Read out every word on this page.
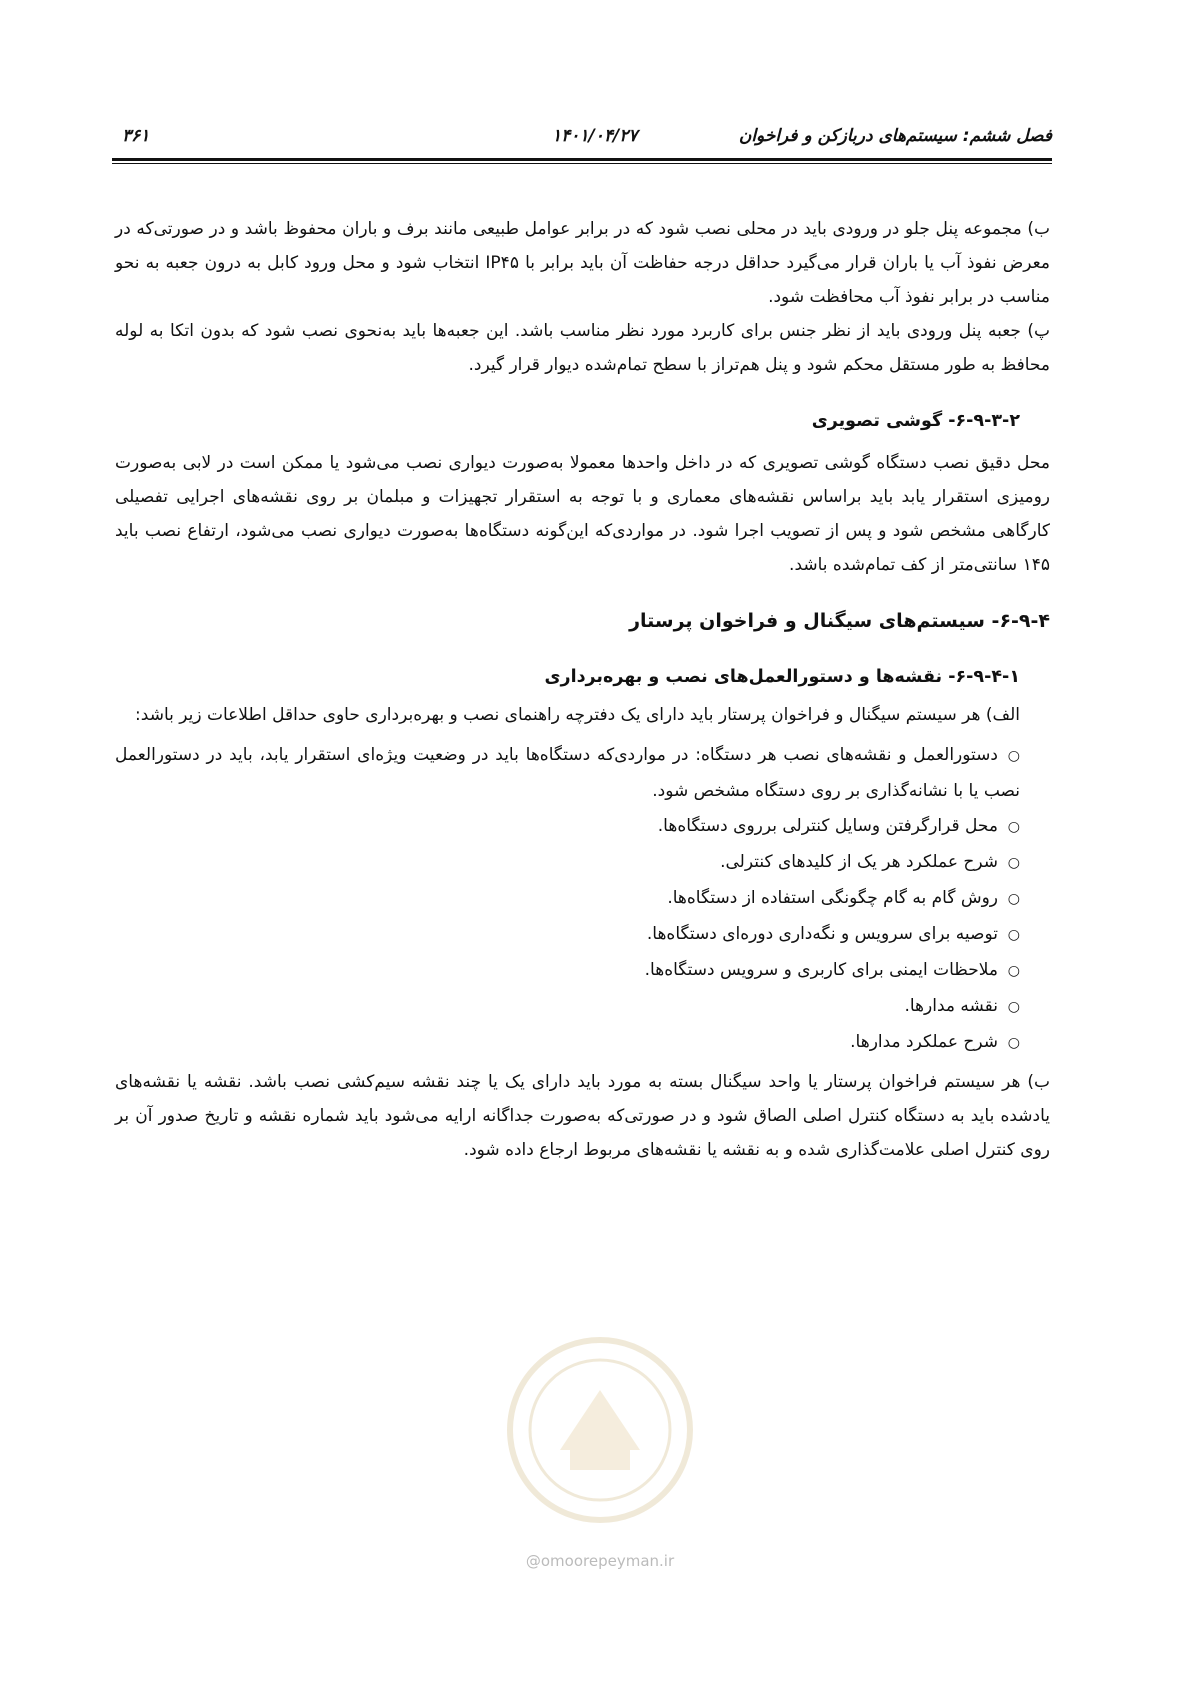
فصل ششم: سیستم‌های دربازکن و فراخوان
۱۴۰۱/۰۴/۲۷
۳۶۱

ب) مجموعه پنل جلو در ورودی باید در محلی نصب شود که در برابر عوامل طبیعی مانند برف و باران محفوظ باشد و در صورتی‌که در معرض نفوذ آب یا باران قرار می‌گیرد حداقل درجه حفاظت آن باید برابر با IP۴۵ انتخاب شود و محل ورود کابل به درون جعبه به نحو مناسب در برابر نفوذ آب محافظت شود.

پ) جعبه پنل ورودی باید از نظر جنس برای کاربرد مورد نظر مناسب باشد. این جعبه‌ها باید به‌نحوی نصب شود که بدون اتکا به لوله محافظ به طور مستقل محکم شود و پنل هم‌تراز با سطح تمام‌شده دیوار قرار گیرد.

۶-۹-۳-۲- گوشی تصویری

محل دقیق نصب دستگاه گوشی تصویری که در داخل واحدها معمولا به‌صورت دیواری نصب می‌شود یا ممکن است در لابی به‌صورت رومیزی استقرار یابد باید براساس نقشه‌های معماری و با توجه به استقرار تجهیزات و مبلمان بر روی نقشه‌های اجرایی تفصیلی کارگاهی مشخص شود و پس از تصویب اجرا شود. در مواردی‌که این‌گونه دستگاه‌ها به‌صورت دیواری نصب می‌شود، ارتفاع نصب باید ۱۴۵ سانتی‌متر از کف تمام‌شده باشد.

۶-۹-۴- سیستم‌های سیگنال و فراخوان پرستار

۶-۹-۴-۱- نقشه‌ها و دستورالعمل‌های نصب و بهره‌برداری

الف) هر سیستم سیگنال و فراخوان پرستار باید دارای یک دفترچه راهنمای نصب و بهره‌برداری حاوی حداقل اطلاعات زیر باشد:

○دستورالعمل و نقشه‌های نصب هر دستگاه: در مواردی‌که دستگاه‌ها باید در وضعیت ویژه‌ای استقرار یابد، باید در دستورالعمل نصب یا با نشانه‌گذاری بر روی دستگاه مشخص شود.
○محل قرارگرفتن وسایل کنترلی برروی دستگاه‌ها.
○شرح عملکرد هر یک از کلیدهای کنترلی.
○روش گام به گام چگونگی استفاده از دستگاه‌ها.
○توصیه برای سرویس و نگه‌داری دوره‌ای دستگاه‌ها.
○ملاحظات ایمنی برای کاربری و سرویس دستگاه‌ها.
○نقشه مدارها.
○شرح عملکرد مدارها.

ب) هر سیستم فراخوان پرستار یا واحد سیگنال بسته به مورد باید دارای یک یا چند نقشه سیم‌کشی نصب باشد. نقشه یا نقشه‌های یادشده باید به دستگاه کنترل اصلی الصاق شود و در صورتی‌که به‌صورت جداگانه ارایه می‌شود باید شماره نقشه و تاریخ صدور آن بر روی کنترل اصلی علامت‌گذاری شده و به نقشه یا نقشه‌های مربوط ارجاع داده شود.

@omoorepeyman.ir
